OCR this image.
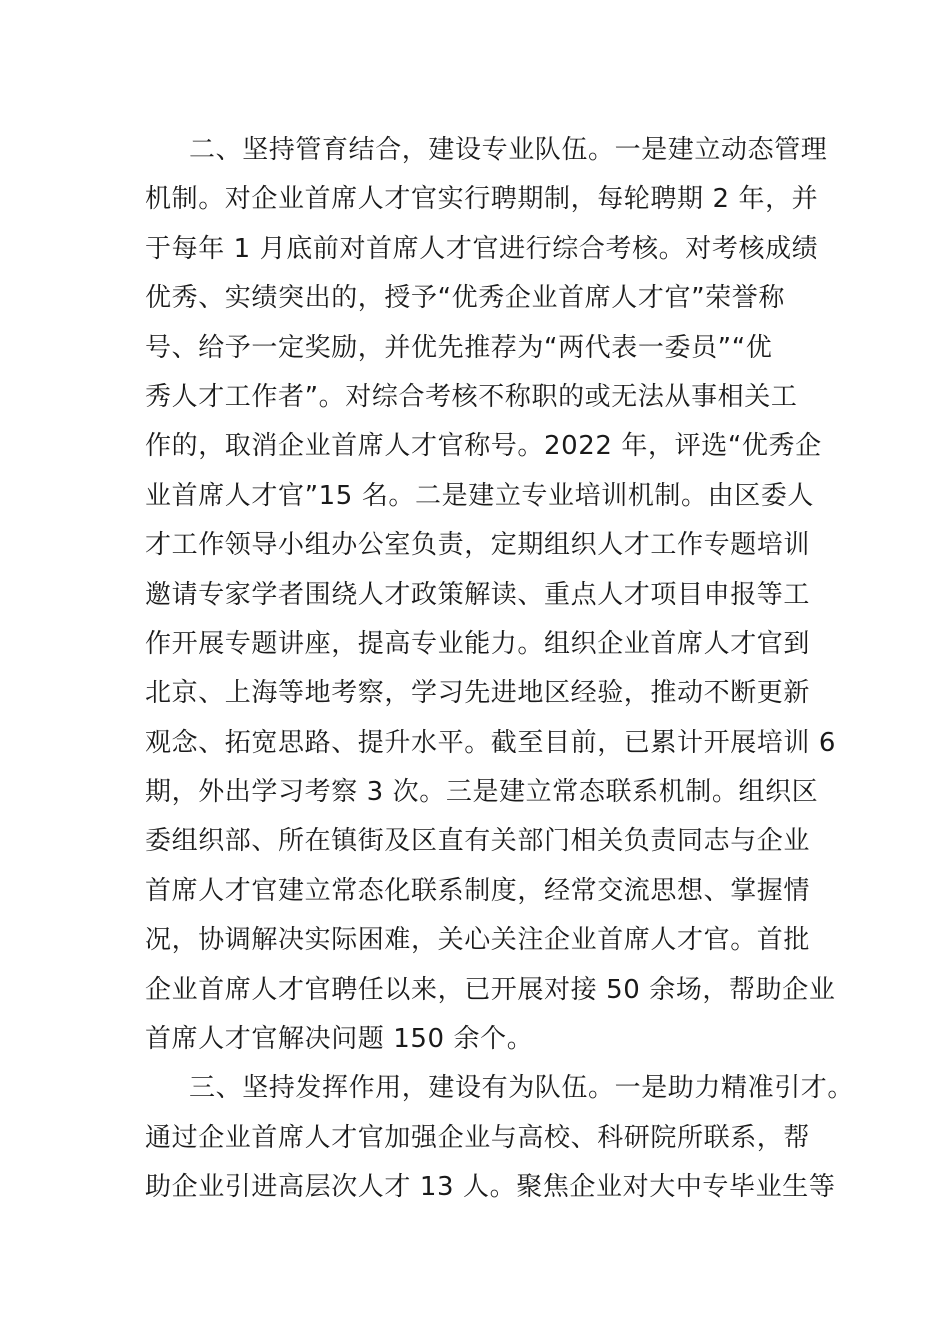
二、坚持管育结合，建设专业队伍。一是建立动态管理
机制。对企业首席人才官实行聘期制，每轮聘期 2 年，并
于每年 1 月底前对首席人才官进行综合考核。对考核成绩
优秀、实绩突出的，授予“优秀企业首席人才官”荣誉称
号、给予一定奖励，并优先推荐为“两代表一委员”“优
秀人才工作者”。对综合考核不称职的或无法从事相关工
作的，取消企业首席人才官称号。2022 年，评选“优秀企
业首席人才官”15 名。二是建立专业培训机制。由区委人
才工作领导小组办公室负责，定期组织人才工作专题培训
邀请专家学者围绕人才政策解读、重点人才项目申报等工
作开展专题讲座，提高专业能力。组织企业首席人才官到
北京、上海等地考察，学习先进地区经验，推动不断更新
观念、拓宽思路、提升水平。截至目前，已累计开展培训 6
期，外出学习考察 3 次。三是建立常态联系机制。组织区
委组织部、所在镇街及区直有关部门相关负责同志与企业
首席人才官建立常态化联系制度，经常交流思想、掌握情
况，协调解决实际困难，关心关注企业首席人才官。首批
企业首席人才官聘任以来，已开展对接 50 余场，帮助企业
首席人才官解决问题 150 余个。
三、坚持发挥作用，建设有为队伍。一是助力精准引才。
通过企业首席人才官加强企业与高校、科研院所联系，帮
助企业引进高层次人才 13 人。聚焦企业对大中专毕业生等
